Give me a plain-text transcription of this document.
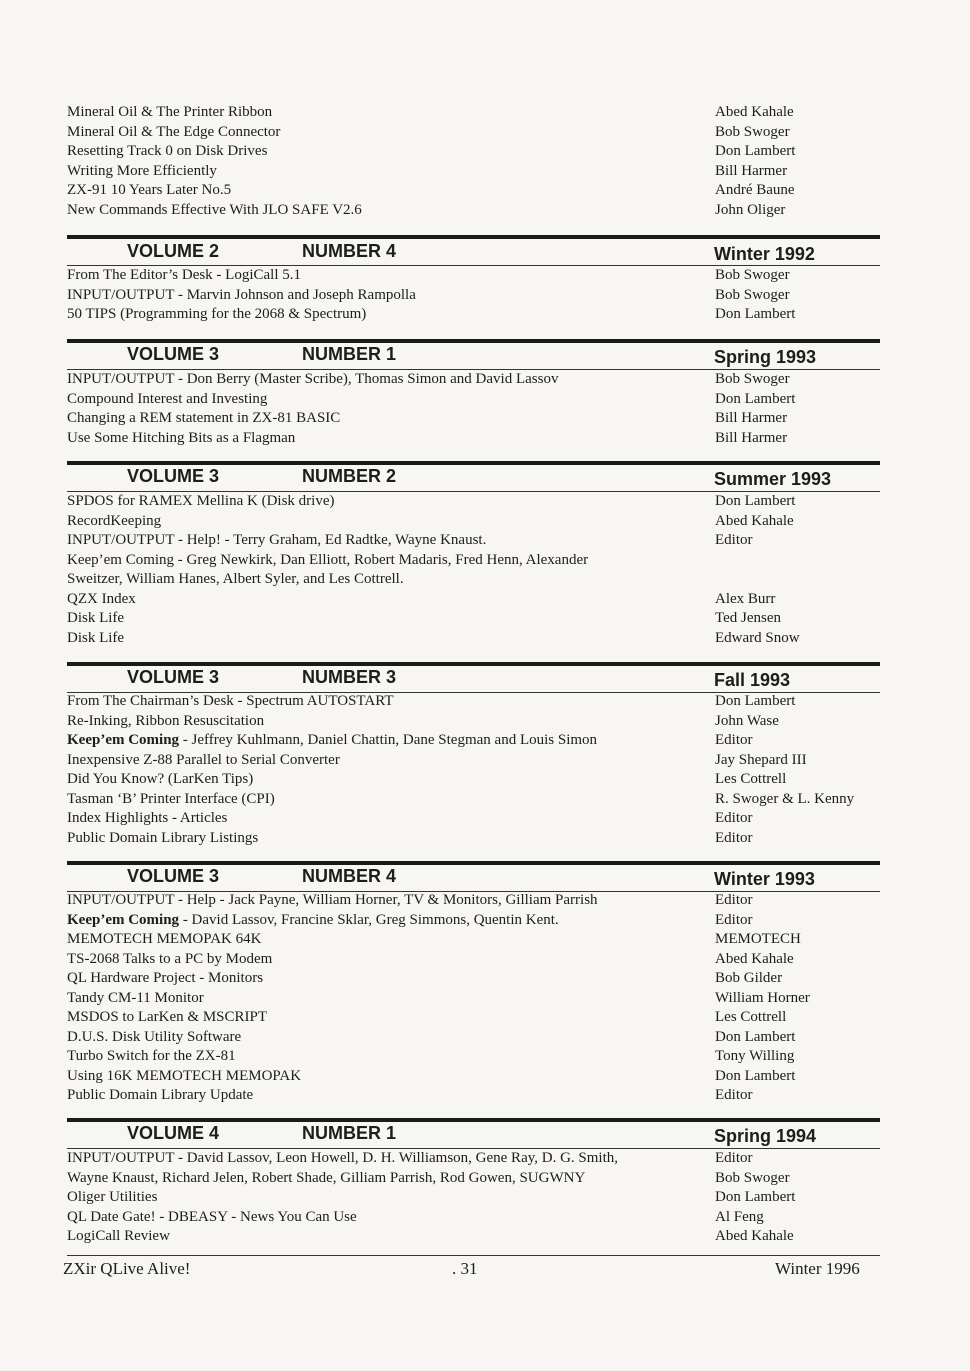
Mineral Oil & The Printer Ribbon	Abed Kahale
Mineral Oil & The Edge Connector	Bob Swoger
Resetting Track 0 on Disk Drives	Don Lambert
Writing More Efficiently	Bill Harmer
ZX-91 10 Years Later No.5	André Baune
New Commands Effective With JLO SAFE V2.6	John Oliger
VOLUME 2	NUMBER 4	Winter 1992
From The Editor’s Desk - LogiCall 5.1	Bob Swoger
INPUT/OUTPUT - Marvin Johnson and Joseph Rampolla	Bob Swoger
50 TIPS (Programming for the 2068 & Spectrum)	Don Lambert
VOLUME 3	NUMBER 1	Spring 1993
INPUT/OUTPUT - Don Berry (Master Scribe), Thomas Simon and David Lassov	Bob Swoger
Compound Interest and Investing	Don Lambert
Changing a REM statement in ZX-81 BASIC	Bill Harmer
Use Some Hitching Bits as a Flagman	Bill Harmer
VOLUME 3	NUMBER 2	Summer 1993
SPDOS for RAMEX Mellina K (Disk drive)	Don Lambert
RecordKeeping	Abed Kahale
INPUT/OUTPUT - Help! - Terry Graham, Ed Radtke, Wayne Knaust.	Editor
Keep’em Coming - Greg Newkirk, Dan Elliott, Robert Madaris, Fred Henn, Alexander
Sweitzer, William Hanes, Albert Syler, and Les Cottrell.
QZX Index	Alex Burr
Disk Life	Ted Jensen
Disk Life	Edward Snow
VOLUME 3	NUMBER 3	Fall 1993
From The Chairman’s Desk - Spectrum AUTOSTART	Don Lambert
Re-Inking, Ribbon Resuscitation	John Wase
Keep’em Coming - Jeffrey Kuhlmann, Daniel Chattin, Dane Stegman and Louis Simon	Editor
Inexpensive Z-88 Parallel to Serial Converter	Jay Shepard III
Did You Know? (LarKen Tips)	Les Cottrell
Tasman ‘B’ Printer Interface (CPI)	R. Swoger & L. Kenny
Index Highlights - Articles	Editor
Public Domain Library Listings	Editor
VOLUME 3	NUMBER 4	Winter 1993
INPUT/OUTPUT - Help - Jack Payne, William Horner, TV & Monitors, Gilliam Parrish	Editor
Keep’em Coming - David Lassov, Francine Sklar, Greg Simmons, Quentin Kent.	Editor
MEMOTECH MEMOPAK 64K	MEMOTECH
TS-2068 Talks to a PC by Modem	Abed Kahale
QL Hardware Project - Monitors	Bob Gilder
Tandy CM-11 Monitor	William Horner
MSDOS to LarKen & MSCRIPT	Les Cottrell
D.U.S. Disk Utility Software	Don Lambert
Turbo Switch for the ZX-81	Tony Willing
Using 16K MEMOTECH MEMOPAK	Don Lambert
Public Domain Library Update	Editor
VOLUME 4	NUMBER 1	Spring 1994
INPUT/OUTPUT - David Lassov, Leon Howell, D. H. Williamson, Gene Ray, D. G. Smith,	Editor
Wayne Knaust, Richard Jelen, Robert Shade, Gilliam Parrish, Rod Gowen, SUGWNY	Bob Swoger
Oliger Utilities	Don Lambert
QL Date Gate! - DBEASY - News You Can Use	Al Feng
LogiCall Review	Abed Kahale
ZXir QLive Alive!	. 31	Winter 1996
